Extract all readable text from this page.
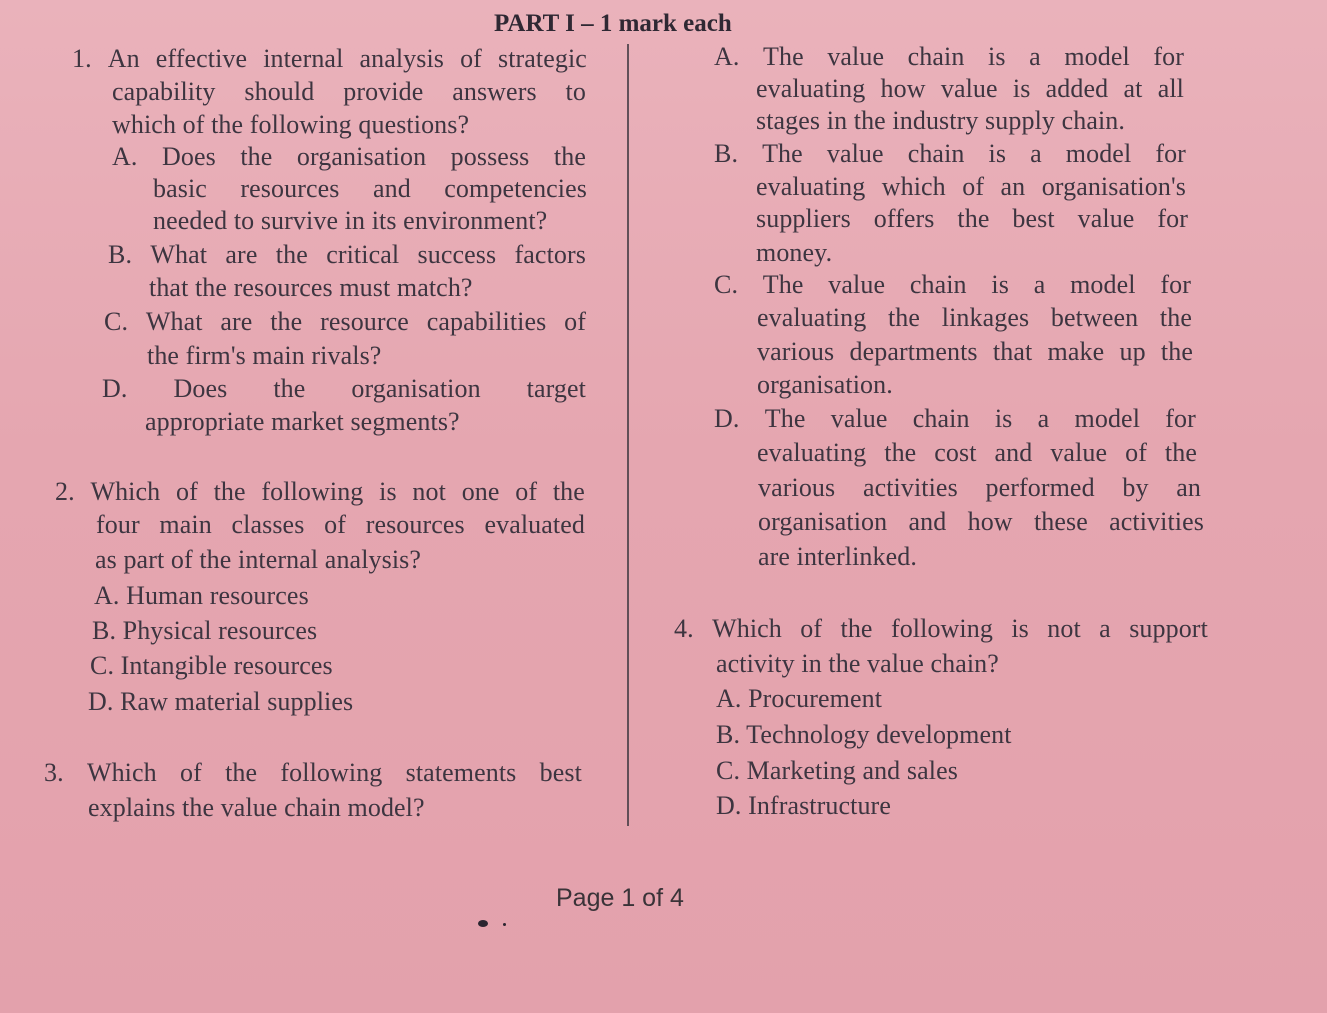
PART I – 1 mark each
1. An effective internal analysis of strategic
capability should provide answers to
which of the following questions?
A. Does the organisation possess the
basic resources and competencies
needed to survive in its environment?
B. What are the critical success factors
that the resources must match?
C. What are the resource capabilities of
the firm's main rivals?
D. Does the organisation target
appropriate market segments?
2. Which of the following is not one of the
four main classes of resources evaluated
as part of the internal analysis?
A. Human resources
B. Physical resources
C. Intangible resources
D. Raw material supplies
3. Which of the following statements best
explains the value chain model?
A. The value chain is a model for
evaluating how value is added at all
stages in the industry supply chain.
B. The value chain is a model for
evaluating which of an organisation's
suppliers offers the best value for
money.
C. The value chain is a model for
evaluating the linkages between the
various departments that make up the
organisation.
D. The value chain is a model for
evaluating the cost and value of the
various activities performed by an
organisation and how these activities
are interlinked.
4. Which of the following is not a support
activity in the value chain?
A. Procurement
B. Technology development
C. Marketing and sales
D. Infrastructure
Page 1 of 4
